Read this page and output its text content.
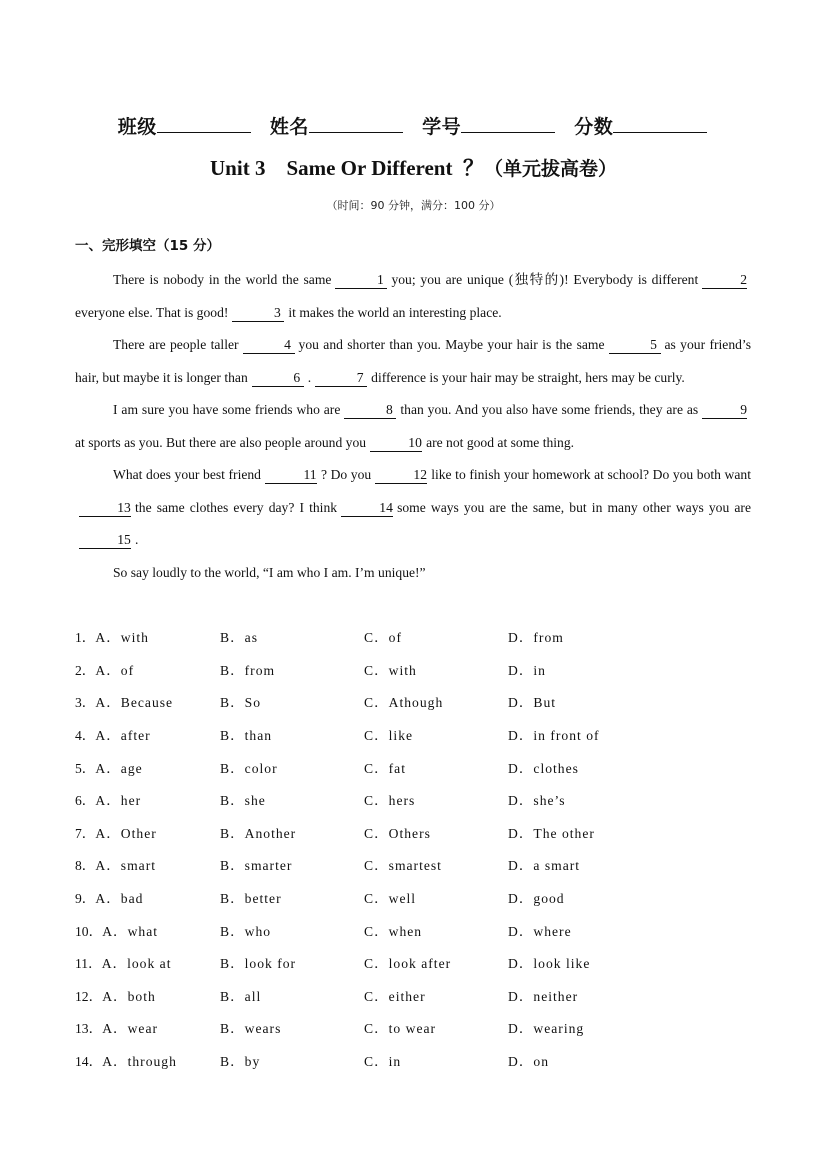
班级	姓名	学号	分数
Unit 3    Same Or Different  ？（单元拔高卷）
（时间：90 分钟，满分：100 分）
一、完形填空（15 分）

There is nobody in the world the same	1 you; you are unique (独特的)! Everybody is different	2everyone else. That is good!	3 it makes the world an interesting place.

There are people taller	4 you and shorter than you. Maybe your hair is the same	5 as your friend’s hair, but maybe it is longer than	6 .	7 difference is your hair may be straight, hers may be curly.

I am sure you have some friends who are	8 than you. And you also have some friends, they are as	9at sports as you. But there are also people around you	10 are not good at some thing.

What does your best friend	11 ? Do you	12 like to finish your homework at school? Do you both want13 the same clothes every day? I think	14 some ways you are the same, but in many other ways you are15 .

So say loudly to the world, “I am who I am. I’m unique!”

1．A．with	B．as	C．of	D．from
2．A．of	B．from	C．with	D．in
3．A．Because	B．So	C．Athough	D．But
4．A．after	B．than	C．like	D．in front of
5．A．age	B．color	C．fat	D．clothes
6．A．her	B．she	C．hers	D．she’s
7．A．Other	B．Another	C．Others	D．The other
8．A．smart	B．smarter	C．smartest	D．a smart
9．A．bad	B．better	C．well	D．good
10．A．what	B．who	C．when	D．where
11．A．look at	B．look for	C．look after	D．look like
12．A．both	B．all	C．either	D．neither
13．A．wear	B．wears	C．to wear	D．wearing
14．A．through	B．by	C．in	D．on
